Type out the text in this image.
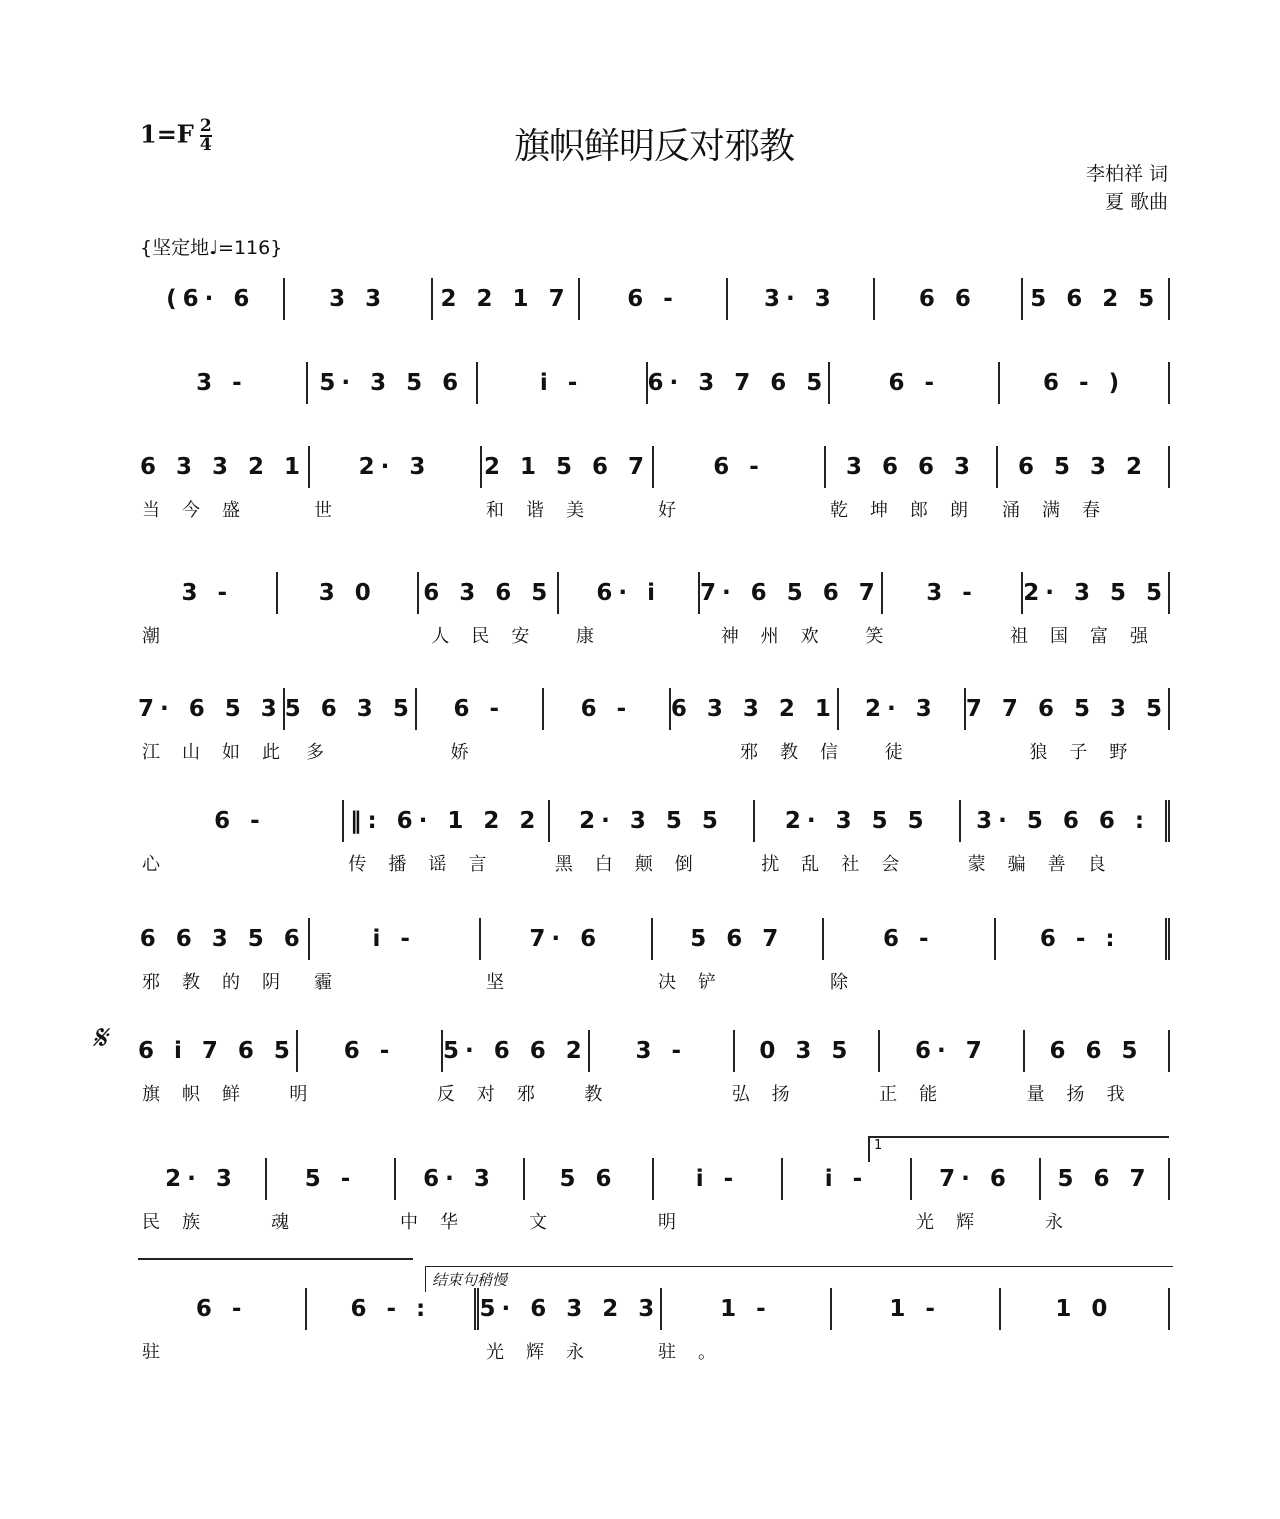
$1=F \frac{2}{4}$	旗帜鲜明反对邪教
李柏祥 词
夏 歌曲
{坚定地♩=116}
𝄋
1
结束句稍慢
(6· 6	3 3	2 2 1 7	6 -	3· 3	6 6	5 6 2 5
3 -	5· 3 5 6	i -	6· 3 7 6 5	6 -	6 - )
6 3 3 2 1	2· 3	2 1 5 6 7	6 -	3 6 6 3	6 5 3 2
当今盛	世	和谐美	好	乾坤郎朗 涌满春
3 -	3 0	6 3 6 5	6· i	7· 6 5 6 7	3 -	2· 3 5 5
潮	人民安	康	神州欢	笑	祖国富强
7· 6 5 3 5 6 3 5	6 -	6 -	6 3 3 2 1	2· 3	7 7 6 5 3 5
江山如此 多	娇	邪教信	徒	狼子野
6 -	‖: 6· 1 2 2	2· 3 5 5	2· 3 5 5	3· 5 6 6 :
心	传播谣言	黑白颠倒	扰乱社会	蒙骗善良
6 6 3 5 6	i -	7· 6	5 6 7	6 -	6 - :
邪教的阴 霾	坚	决铲	除
6 i 7 6 5	6 -	5· 6 6 2	3 -	0 3 5	6· 7	6 6 5
旗帜鲜	明	反对邪	教	弘扬	正能	量扬我
2· 3	5 -	6· 3	5 6	i -	i -	7· 6	5 6 7
民族	魂	中华	文	明	光辉	永
6 -	6 - :	5· 6 3 2 3	1 -	1 -	1 0
驻	光辉永	驻。
